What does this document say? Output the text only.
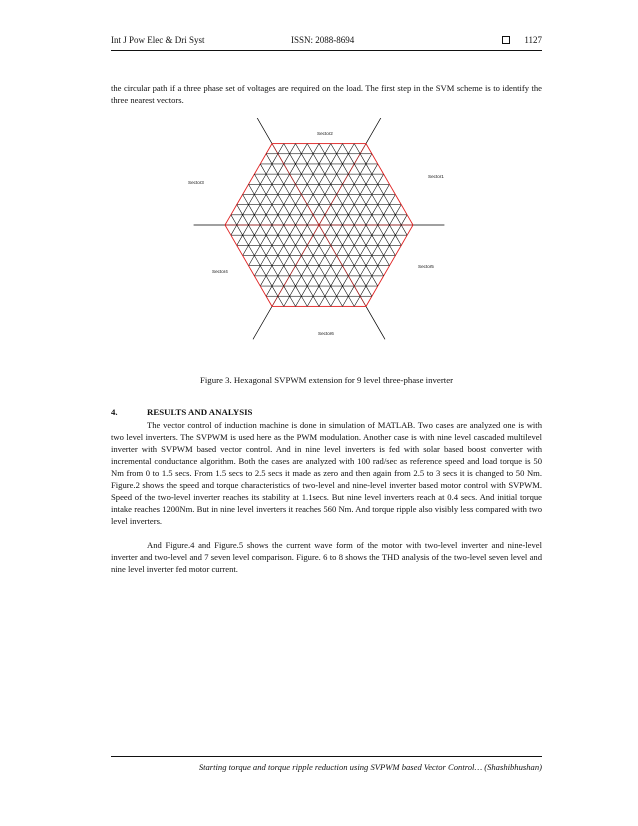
Int J Pow Elec & Dri Syst	ISSN: 2088-8694	1127

the circular path if a three phase set of voltages are required on the load. The first step in the SVM scheme is to identify the three nearest vectors.

Sector1
Sector2
Sector3
Sector4
Sector5
Sector6
Figure 3. Hexagonal SVPWM extension for 9 level three-phase inverter
4.	RESULTS AND ANALYSIS

The vector control of induction machine is done in simulation of MATLAB. Two cases are analyzed one is with two level inverters. The SVPWM is used here as the PWM modulation. Another case is with nine level cascaded multilevel inverter with SVPWM based vector control. And in nine level inverters is fed with solar based boost converter with incremental conductance algorithm. Both the cases are analyzed with 100 rad/sec as reference speed and load torque is 50 Nm from 0 to 1.5 secs. From 1.5 secs to 2.5 secs it made as zero and then again from 2.5 to 3 secs it is changed to 50 Nm. Figure.2 shows the speed and torque characteristics of two-level and nine-level inverter based motor control with SVPWM. Speed of the two-level inverter reaches its stability at 1.1secs. But nine level inverters reach at 0.4 secs. And initial torque intake reaches 1200Nm. But in nine level inverters it reaches 560 Nm. And torque ripple also visibly less compared with two level inverters.

And Figure.4 and Figure.5 shows the current wave form of the motor with two-level inverter and nine-level inverter and two-level and 7 seven level comparison. Figure. 6 to 8 shows the THD analysis of the two-level seven level and nine level inverter fed motor current.

Starting torque and torque ripple reduction using SVPWM based Vector Control… (Shashibhushan)
